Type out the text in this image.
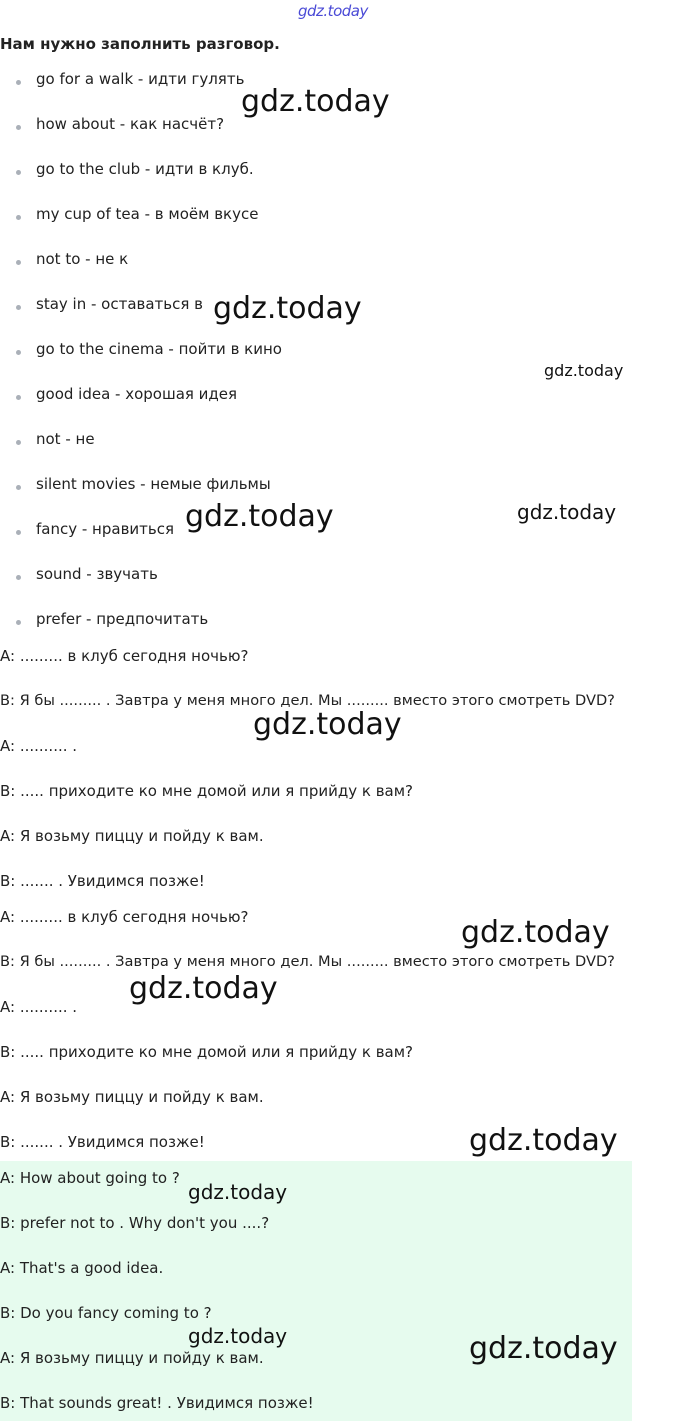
gdz.today
Нам нужно заполнить разговор.
go for a walk - идти гулять
how about - как насчёт?
go to the club - идти в клуб.
my cup of tea - в моём вкусе
not to - не к
stay in - оставаться в
go to the cinema - пойти в кино
good idea - хорошая идея
not - не
silent movies - немые фильмы
fancy - нравиться
sound - звучать
prefer - предпочитать
A: ......... в клуб сегодня ночью?
B: Я бы ......... . Завтра у меня много дел. Мы ......... вместо этого смотреть DVD?
A: .......... .
B: ..... приходите ко мне домой или я прийду к вам?
A: Я возьму пиццу и пойду к вам.
B: ....... . Увидимся позже!
A: ......... в клуб сегодня ночью?
B: Я бы ......... . Завтра у меня много дел. Мы ......... вместо этого смотреть DVD?
A: .......... .
B: ..... приходите ко мне домой или я прийду к вам?
A: Я возьму пиццу и пойду к вам.
B: ....... . Увидимся позже!
A: How about going to ?
B: prefer not to . Why don't you ....?
A: That's a good idea.
B: Do you fancy coming to ?
A: Я возьму пиццу и пойду к вам.
B: That sounds great! . Увидимся позже!
gdz.today
gdz.today
gdz.today
gdz.today	gdz.today
gdz.today
gdz.today
gdz.today
gdz.today
gdz.today
gdz.today	gdz.today
